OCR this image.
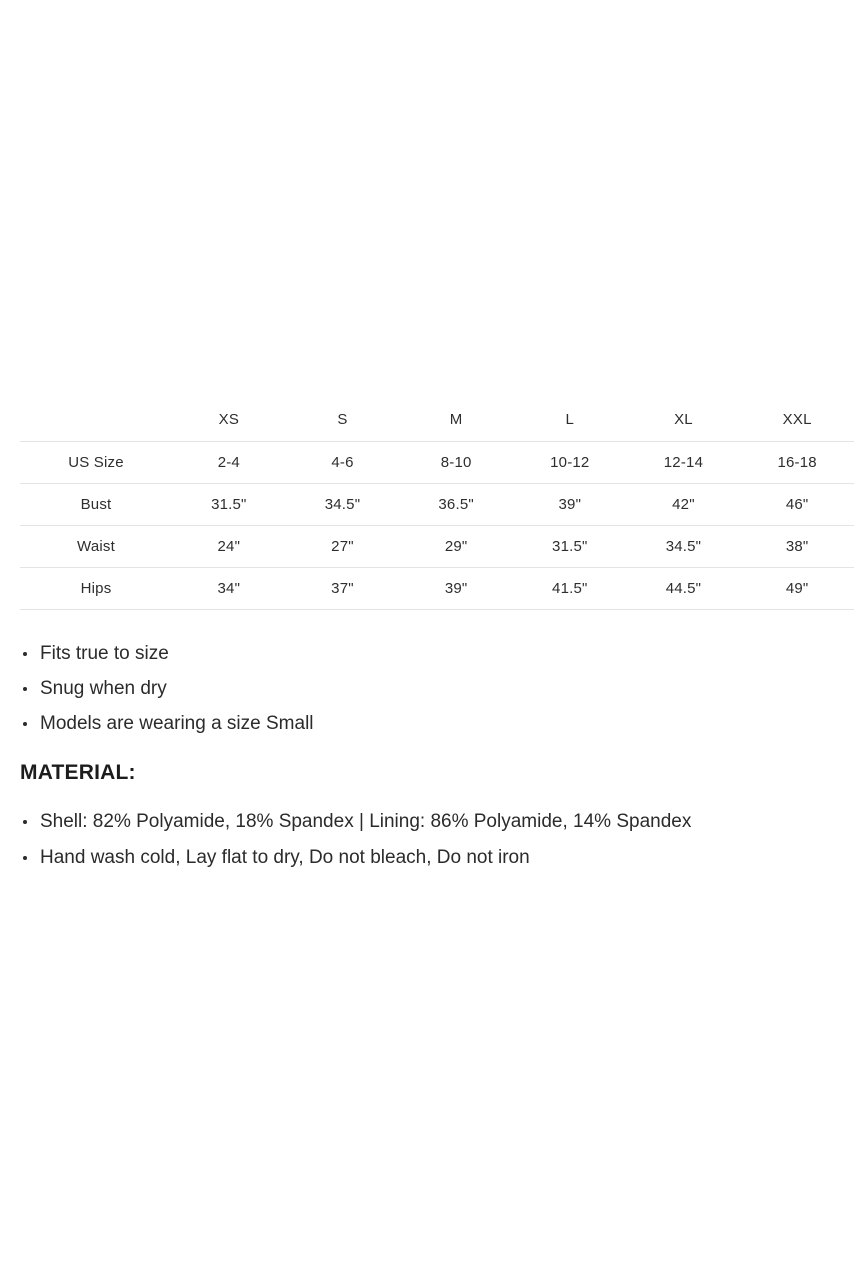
	XS	S	M	L	XL	XXL
US Size	2-4	4-6	8-10	10-12	12-14	16-18
Bust	31.5"	34.5"	36.5"	39"	42"	46"
Waist	24"	27"	29"	31.5"	34.5"	38"
Hips	34"	37"	39"	41.5"	44.5"	49"
Fits true to size
Snug when dry
Models are wearing a size Small
MATERIAL:
Shell: 82% Polyamide, 18% Spandex | Lining: 86% Polyamide, 14% Spandex
Hand wash cold, Lay flat to dry, Do not bleach, Do not iron
